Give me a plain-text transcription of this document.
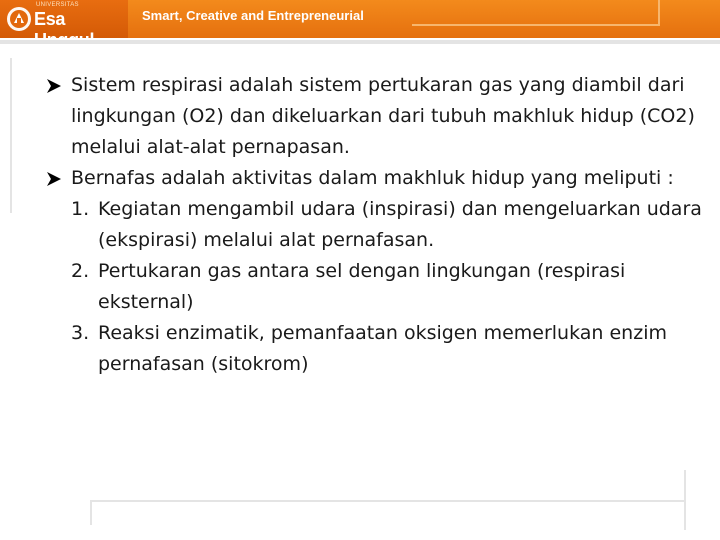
UNIVERSITAS
Esa	Smart, Creative and Entrepreneurial
Sistem respirasi adalah sistem pertukaran gas yang diambil dari lingkungan (O2) dan dikeluarkan dari tubuh makhluk hidup (CO2) melalui alat-alat pernapasan.
Bernafas adalah aktivitas dalam makhluk hidup yang meliputi :
1. Kegiatan mengambil udara (inspirasi) dan mengeluarkan udara (ekspirasi) melalui alat pernafasan.
2. Pertukaran gas antara sel dengan lingkungan (respirasi eksternal)
3. Reaksi enzimatik, pemanfaatan oksigen memerlukan enzim pernafasan (sitokrom)
